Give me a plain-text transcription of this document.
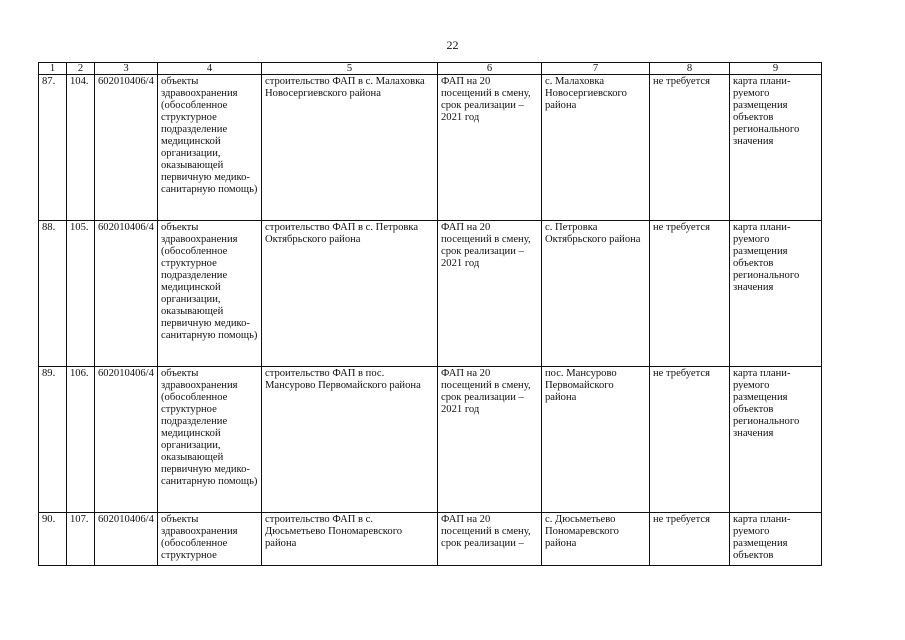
22
1	2	3	4	5	6	7	8	9
87.	104.	602010406/4	объекты здравоохранения (обособленное структурное подразделение медицинской организации, оказывающей первичную медико-санитарную помощь)	строительство ФАП в с. Малаховка Новосергиевского района	ФАП на 20 посещений в смену, срок реализации – 2021 год	с. Малаховка Новосергиевского района	не требуется	карта плани-руемого размещения объектов регионального значения
88.	105.	602010406/4	объекты здравоохранения (обособленное структурное подразделение медицинской организации, оказывающей первичную медико-санитарную помощь)	строительство ФАП в с. Петровка Октябрьского района	ФАП на 20 посещений в смену, срок реализации – 2021 год	с. Петровка Октябрьского района	не требуется	карта плани-руемого размещения объектов регионального значения
89.	106.	602010406/4	объекты здравоохранения (обособленное структурное подразделение медицинской организации, оказывающей первичную медико-санитарную помощь)	строительство ФАП в пос. Мансурово Первомайского района	ФАП на 20 посещений в смену, срок реализации – 2021 год	пос. Мансурово Первомайского района	не требуется	карта плани-руемого размещения объектов регионального значения
90.	107.	602010406/4	объекты здравоохранения (обособленное структурное	строительство ФАП в с. Дюсьметьево Пономаревского района	ФАП на 20 посещений в смену, срок реализации –	с. Дюсьметьево Пономаревского района	не требуется	карта плани-руемого размещения объектов
